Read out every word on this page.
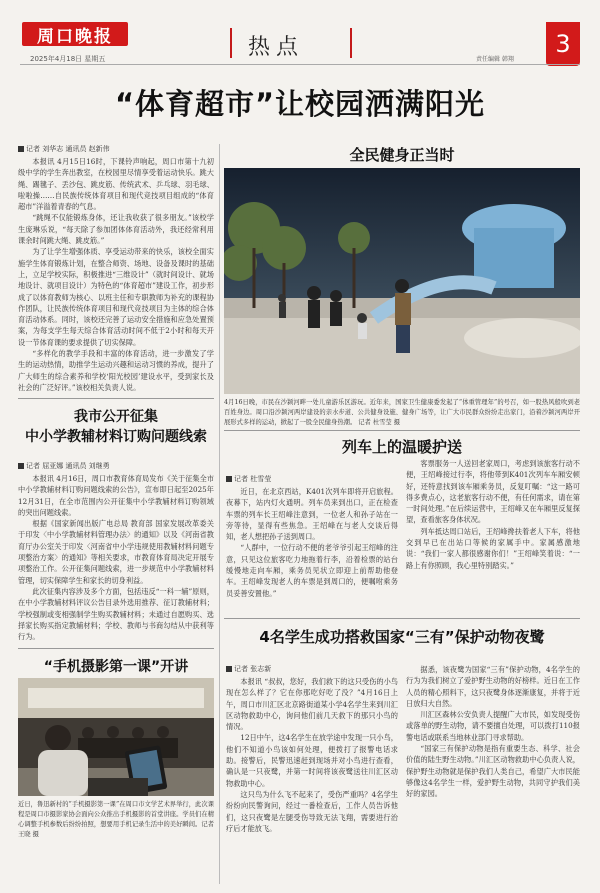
周口晚报
2025年4月18日 星期五	热点	责任编辑 韩翔
3
“体育超市”让校园洒满阳光
记者 刘华志 通讯员 赵新伟

本报讯 4月15日16时，下课铃声响起，周口市第十九初级中学的学生奔出教室，在校园里尽情享受着运动快乐。跳大绳、踢毽子、丢沙包、跳皮筋、传统武术、乒乓球、羽毛球、啦啦操……自民族传统体育项目和现代竞技项目组成的“体育超市”洋溢着青春的气息。

“跳绳不仅能锻炼身体，还让我收获了很多朋友。”该校学生庞琳乐说，“每天除了参加团体体育活动外，我还经常利用课余时间跳大绳、跳皮筋。”

为了让学生增强体质、享受运动带来的快乐，该校全面实施学生体育锻炼计划，在整合师资、场地、设备及课时的基础上，立足学校实际，积极推进“三维设计”（就时间设计、就场地设计、就项目设计）为特色的“体育超市”建设工作，初步形成了以体育教师为核心、以班主任和专职教师为补充的课程协作团队，让民族传统体育项目和现代竞技项目为主体的综合体育活动体系。同时，该校还完善了运动安全措施和应急处置预案，为每支学生每天综合体育活动时间不低于2小时和每天开设一节体育课的要求提供了切实保障。

“多样化的教学手段和丰富的体育活动，进一步激发了学生的运动热情，助推学生运动兴趣和运动习惯的养成，提升了广大师生的综合素养和学校‘阳光校园’建设水平，受到家长及社会的广泛好评。”该校相关负责人说。

我市公开征集
中小学教辅材料订购问题线索
记者 屈亚娜 通讯员 刘继勇

本报讯 4月16日，周口市教育体育局发布《关于征集全市中小学教辅材料订购问题线索的公告》，宣布即日起至2025年12月31日，在全市范围内公开征集中小学教辅材料订购领域的突出问题线索。

根据《国家新闻出版广电总局 教育部 国家发展改革委关于印发〈中小学教辅材料管理办法〉的通知》以及《河南省教育厅办公室关于印发〈河南省中小学违规使用教辅材料问题专项整治方案〉的通知》等相关要求，市教育体育局决定开展专项整治工作。公开征集问题线索，进一步规范中小学教辅材料管理，切实保障学生和家长的切身利益。

此次征集内容涉及多个方面，包括违反“一科一辅”原则，在中小学教辅材料评议公告目录外选用推荐、征订教辅材料；学校强制或变相强制学生购买教辅材料；未通过自愿购买、选择家长购买指定教辅材料；学校、教师与书商勾结从中获利等行为。

“手机摄影第一课”开讲
近日，鲁迅新村的“手机摄影第一课”在周口市文学艺术界举行，此次课程是周口市摄影家协会面向公众推出手机摄影的首堂讲座。学员们在精心调整手机参数后纷纷拍照，想要用手机记录生活中的美好瞬间。记者 王晓 摄
全民健身正当时
4月16日晚，市民在沙颍河畔一处儿童游乐区游玩。近年来，国家卫生健康委发起了“体重管理年”的号召，如一股热风般吹到老百姓身边。周口沿沙颍河两岸建设的亲水步道、公共健身设施、健身广场等，让广大市民群众纷纷走出家门，沿着沙颍河两岸开展形式多样的运动，掀起了一股全民健身热潮。 记者 杜雪莹 摄
列车上的温暖护送
记者 杜雪莹

近日，在北京西站，K401次列车即将开启旅程。夜幕下，站内灯火通明。列车员来到出口，正在检查车票的列车长王绍峰注意到，一位老人和孙子站在一旁等待，显得有些焦急。王绍峰在与老人交谈后得知，老人想把孙子送到周口。

“人群中，一位行动不便的老爷爷引起王绍峰的注意，只见这位旅客吃力地拖着行李，沿着检票的站台缓慢地走向车厢，乘务员见状立即迎上前帮助他登车。王绍峰发现老人的车票是到周口的，便嘱咐乘务员妥善安置他。”

客票服务一人送回老家周口，考虑到该旅客行动不便，王绍峰接过行李，将他带到K401次列车车厢安顿好，还特意找到该车厢乘务员，反复叮嘱：“这一路可得多费点心，这老旅客行动不便，有任何需求，请在第一时间处理。”在后续运营中，王绍峰又在车厢里反复探望，查看旅客身体状况。

列车抵达周口站后，王绍峰搀扶着老人下车，将他交到早已在出站口等候的家属手中。家属感激地说：“我们一家人都很感谢你们！”王绍峰笑着说：“一路上有你照顾，我心里特别踏实。”

4名学生成功搭救国家“三有”保护动物夜鹭
记者 张志新

本报讯 “叔叔，您好，我们救下的这只受伤的小鸟现在怎么样了？它在你那吃好吃了没？”4月16日上午，周口市川汇区北京路街道某小学4名学生来到川汇区动物救助中心，询问他们前几天救下的那只小鸟的情况。

12日中午，这4名学生在放学途中发现一只小鸟，他们不知道小鸟该如何处理，便拨打了报警电话求助。接警后，民警迅速赶到现场并对小鸟进行查看，确认是一只夜鹭，并第一时间将该夜鹭送往川汇区动物救助中心。

这只鸟为什么飞不起来了，受伤严重吗？4名学生纷纷向民警询问，经过一番检查后，工作人员告诉他们，这只夜鹭是左腿受伤导致无法飞翔，需要进行治疗后才能放飞。

据悉，该夜鹭为国家“三有”保护动物，4名学生的行为为我们树立了爱护野生动物的好榜样。近日在工作人员的精心照料下，这只夜鹭身体逐渐康复，并将于近日放归大自然。

川汇区森林公安负责人提醒广大市民，如发现受伤或落单的野生动物，请不要擅自处理，可以拨打110报警电话或联系当地林业部门寻求帮助。

“国家三有保护动物是指有重要生态、科学、社会价值的陆生野生动物。”川汇区动物救助中心负责人说，保护野生动物就是保护我们人类自己，希望广大市民能够像这4名学生一样，爱护野生动物，共同守护我们美好的家园。
